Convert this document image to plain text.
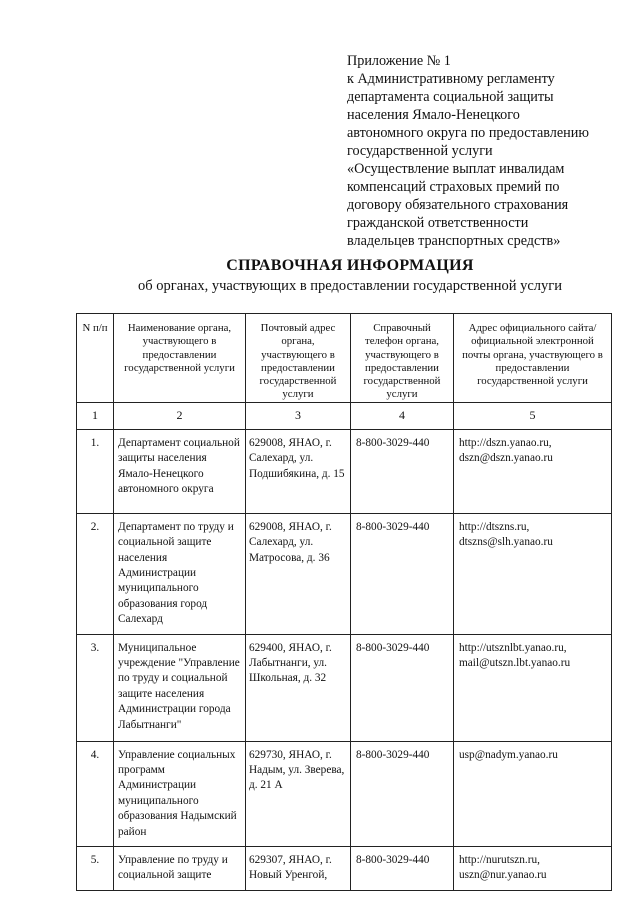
Приложение № 1
к Административному регламенту
департамента социальной защиты
населения Ямало-Ненецкого
автономного округа по предоставлению
государственной услуги
«Осуществление выплат инвалидам
компенсаций страховых премий по
договору обязательного страхования
гражданской ответственности
владельцев транспортных средств»
СПРАВОЧНАЯ ИНФОРМАЦИЯ
об органах, участвующих в предоставлении государственной услуги
N п/п	Наименование органа, участвующего в предоставлении государственной услуги	Почтовый адрес органа, участвующего в предоставлении государственной услуги	Справочный телефон органа, участвующего в предоставлении государственной услуги	Адрес официального сайта/официальной электронной почты органа, участвующего в предоставлении государственной услуги
1	2	3	4	5
1.	Департамент социальной защиты населения Ямало-Ненецкого автономного округа	629008, ЯНАО, г. Салехард, ул. Подшибякина, д. 15	8-800-3029-440	http://dszn.yanao.ru, dszn@dszn.yanao.ru
2.	Департамент по труду и социальной защите населения Администрации муниципального образования город Салехард	629008, ЯНАО, г. Салехард, ул. Матросова, д. 36	8-800-3029-440	http://dtszns.ru, dtszns@slh.yanao.ru
3.	Муниципальное учреждение "Управление по труду и социальной защите населения Администрации города Лабытнанги"	629400, ЯНАО, г. Лабытнанги, ул. Школьная, д. 32	8-800-3029-440	http://utsznlbt.yanao.ru, mail@utszn.lbt.yanao.ru
4.	Управление социальных программ Администрации муниципального образования Надымский район	629730, ЯНАО, г. Надым, ул. Зверева, д. 21 А	8-800-3029-440	usp@nadym.yanao.ru
5.	Управление по труду и социальной защите	629307, ЯНАО, г. Новый Уренгой,	8-800-3029-440	http://nurutszn.ru, uszn@nur.yanao.ru
